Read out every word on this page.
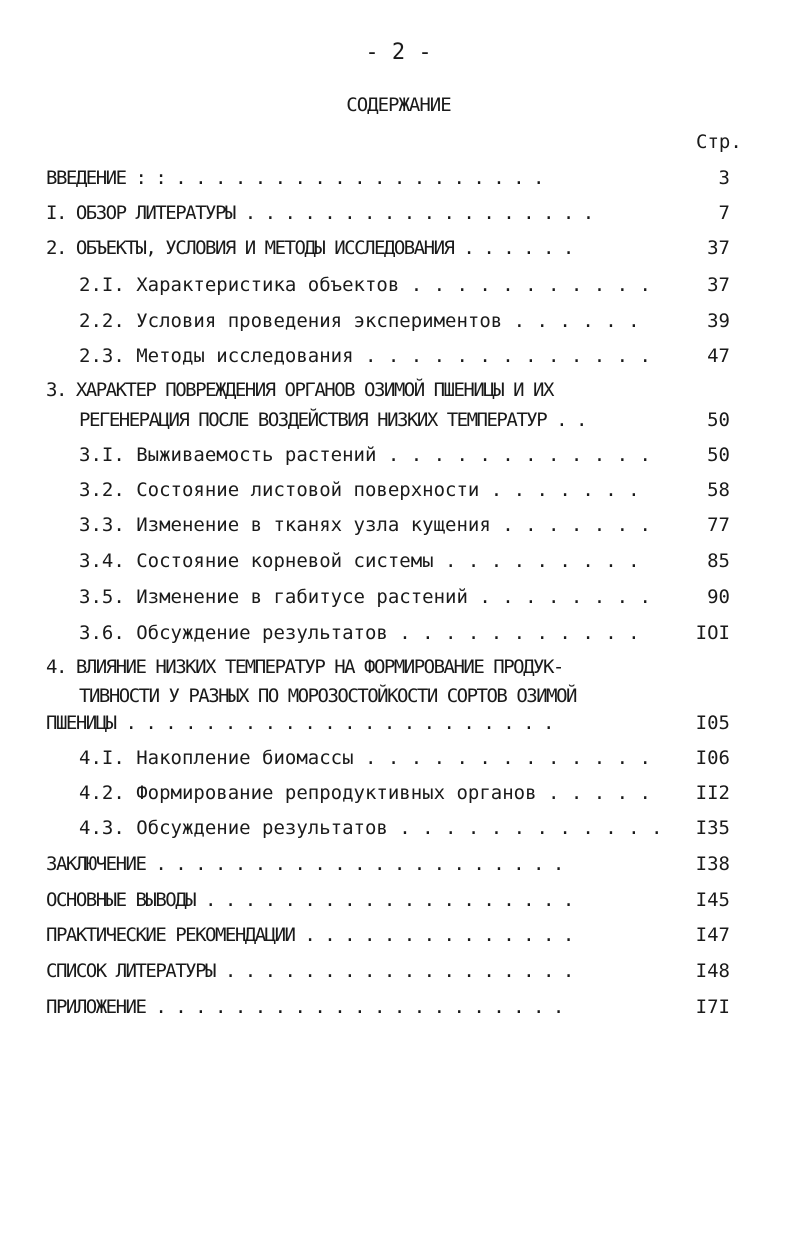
- 2 -
СОДЕРЖАНИЕ
Стр.
ВВЕДЕНИЕ : : . . . . . . . . . . . . . . . . . . .	3
I. ОБЗОР ЛИТЕРАТУРЫ . . . . . . . . . . . . . . . . . .	7
2. ОБЪЕКТЫ, УСЛОВИЯ И МЕТОДЫ ИССЛЕДОВАНИЯ . . . . . .	37
2.I. Характеристика объектов . . . . . . . . . . .	37
2.2. Условия проведения экспериментов . . . . . .	39
2.3. Методы исследования . . . . . . . . . . . . .	47
3. ХАРАКТЕР ПОВРЕЖДЕНИЯ ОРГАНОВ ОЗИМОЙ ПШЕНИЦЫ И ИХ
РЕГЕНЕРАЦИЯ ПОСЛЕ ВОЗДЕЙСТВИЯ НИЗКИХ ТЕМПЕРАТУР . .	50
3.I. Выживаемость растений . . . . . . . . . . . .	50
3.2. Состояние листовой поверхности . . . . . . .	58
3.3. Изменение в тканях узла кущения . . . . . . .	77
3.4. Состояние корневой системы . . . . . . . . .	85
3.5. Изменение в габитусе растений . . . . . . . .	90
3.6. Обсуждение результатов . . . . . . . . . . .	IOI
4. ВЛИЯНИЕ НИЗКИХ ТЕМПЕРАТУР НА ФОРМИРОВАНИЕ ПРОДУК-
ТИВНОСТИ У РАЗНЫХ ПО МОРОЗОСТОЙКОСТИ СОРТОВ ОЗИМОЙ
ПШЕНИЦЫ . . . . . . . . . . . . . . . . . . . . . .	I05
4.I. Накопление биомассы . . . . . . . . . . . . . I06
4.2. Формирование репродуктивных органов . . . . . II2
4.3. Обсуждение результатов . . . . . . . . . . . . I35
ЗАКЛЮЧЕНИЕ . . . . . . . . . . . . . . . . . . . . .	I38
ОСНОВНЫЕ ВЫВОДЫ . . . . . . . . . . . . . . . . . . .	I45
ПРАКТИЧЕСКИЕ РЕКОМЕНДАЦИИ . . . . . . . . . . . . . .	I47
СПИСОК ЛИТЕРАТУРЫ . . . . . . . . . . . . . . . . . .	I48
ПРИЛОЖЕНИЕ . . . . . . . . . . . . . . . . . . . . .	I7I
